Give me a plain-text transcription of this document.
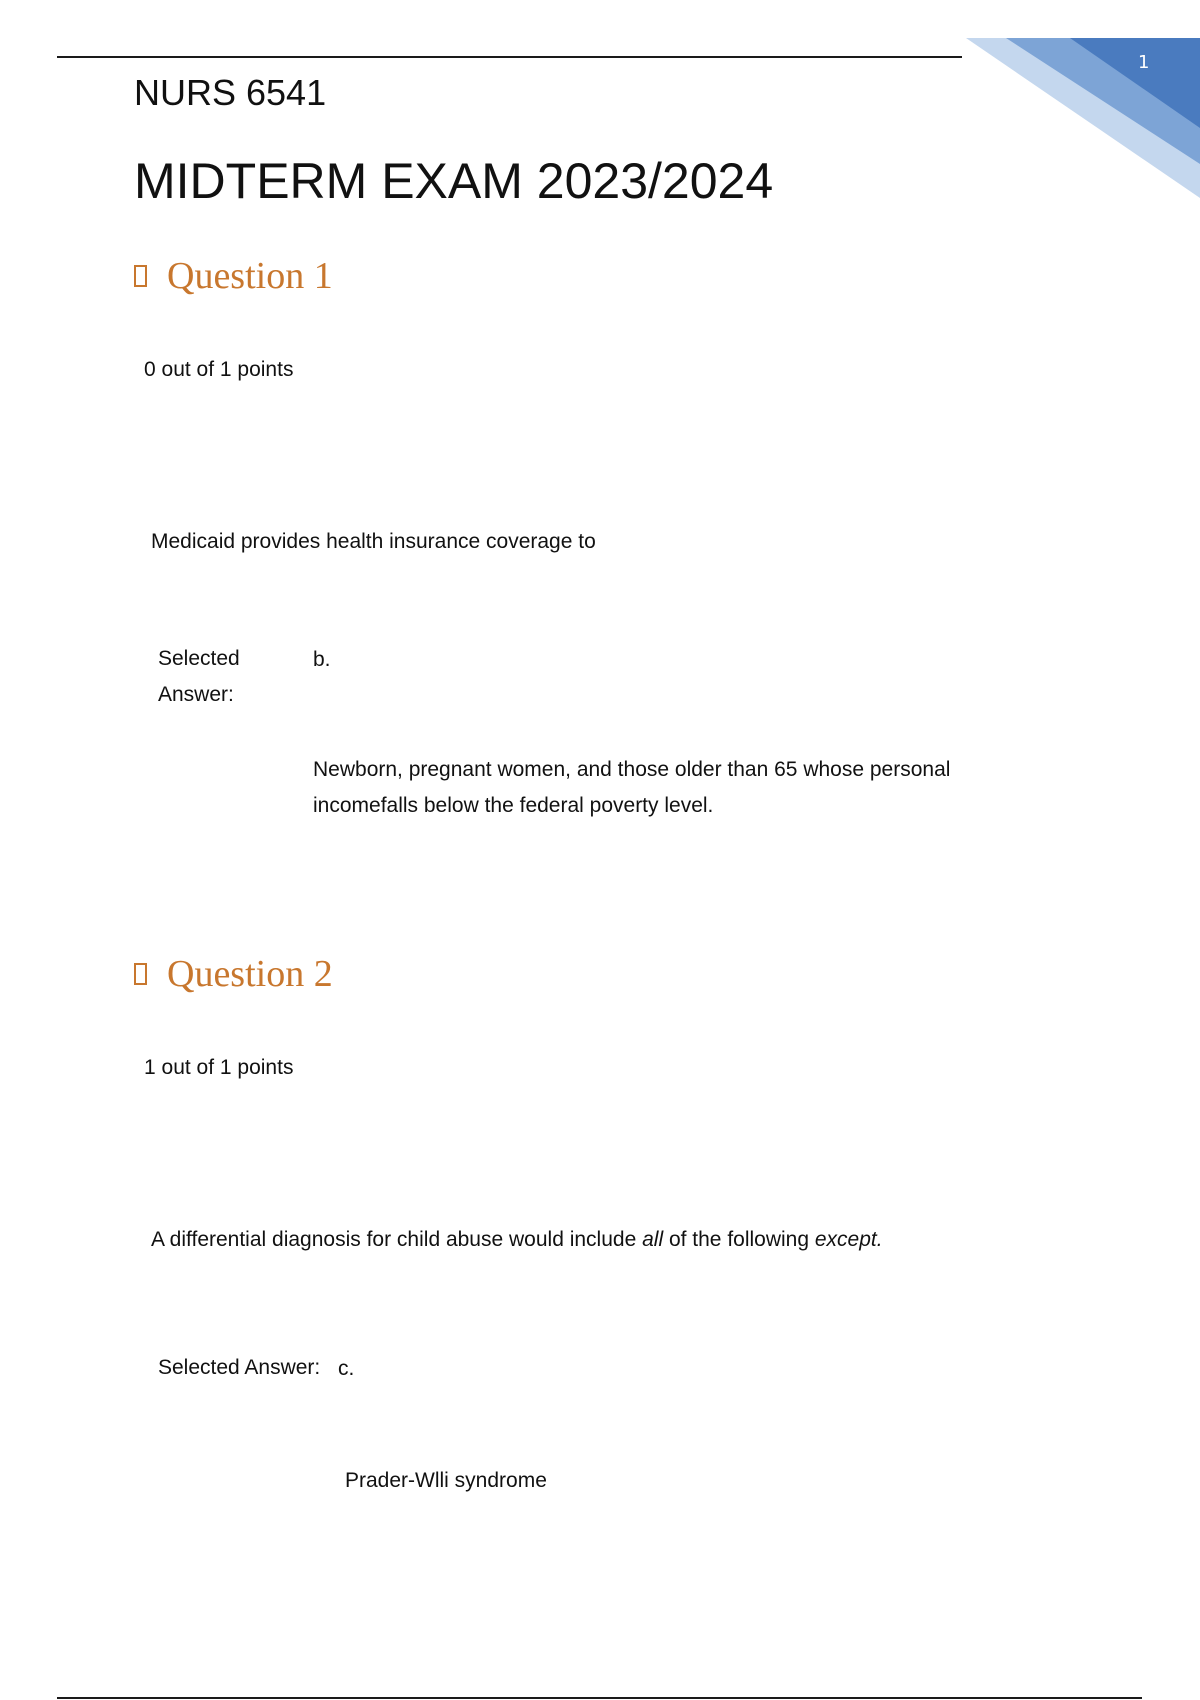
1
NURS 6541
MIDTERM EXAM 2023/2024
Question 1
0 out of 1 points
Medicaid provides health insurance coverage to
Selected
Answer:
b.
Newborn, pregnant women, and those older than 65 whose personal
incomefalls below the federal poverty level.
Question 2
1 out of 1 points
A differential diagnosis for child abuse would include all of the following except.
Selected Answer: c.
Prader-Wlli syndrome
